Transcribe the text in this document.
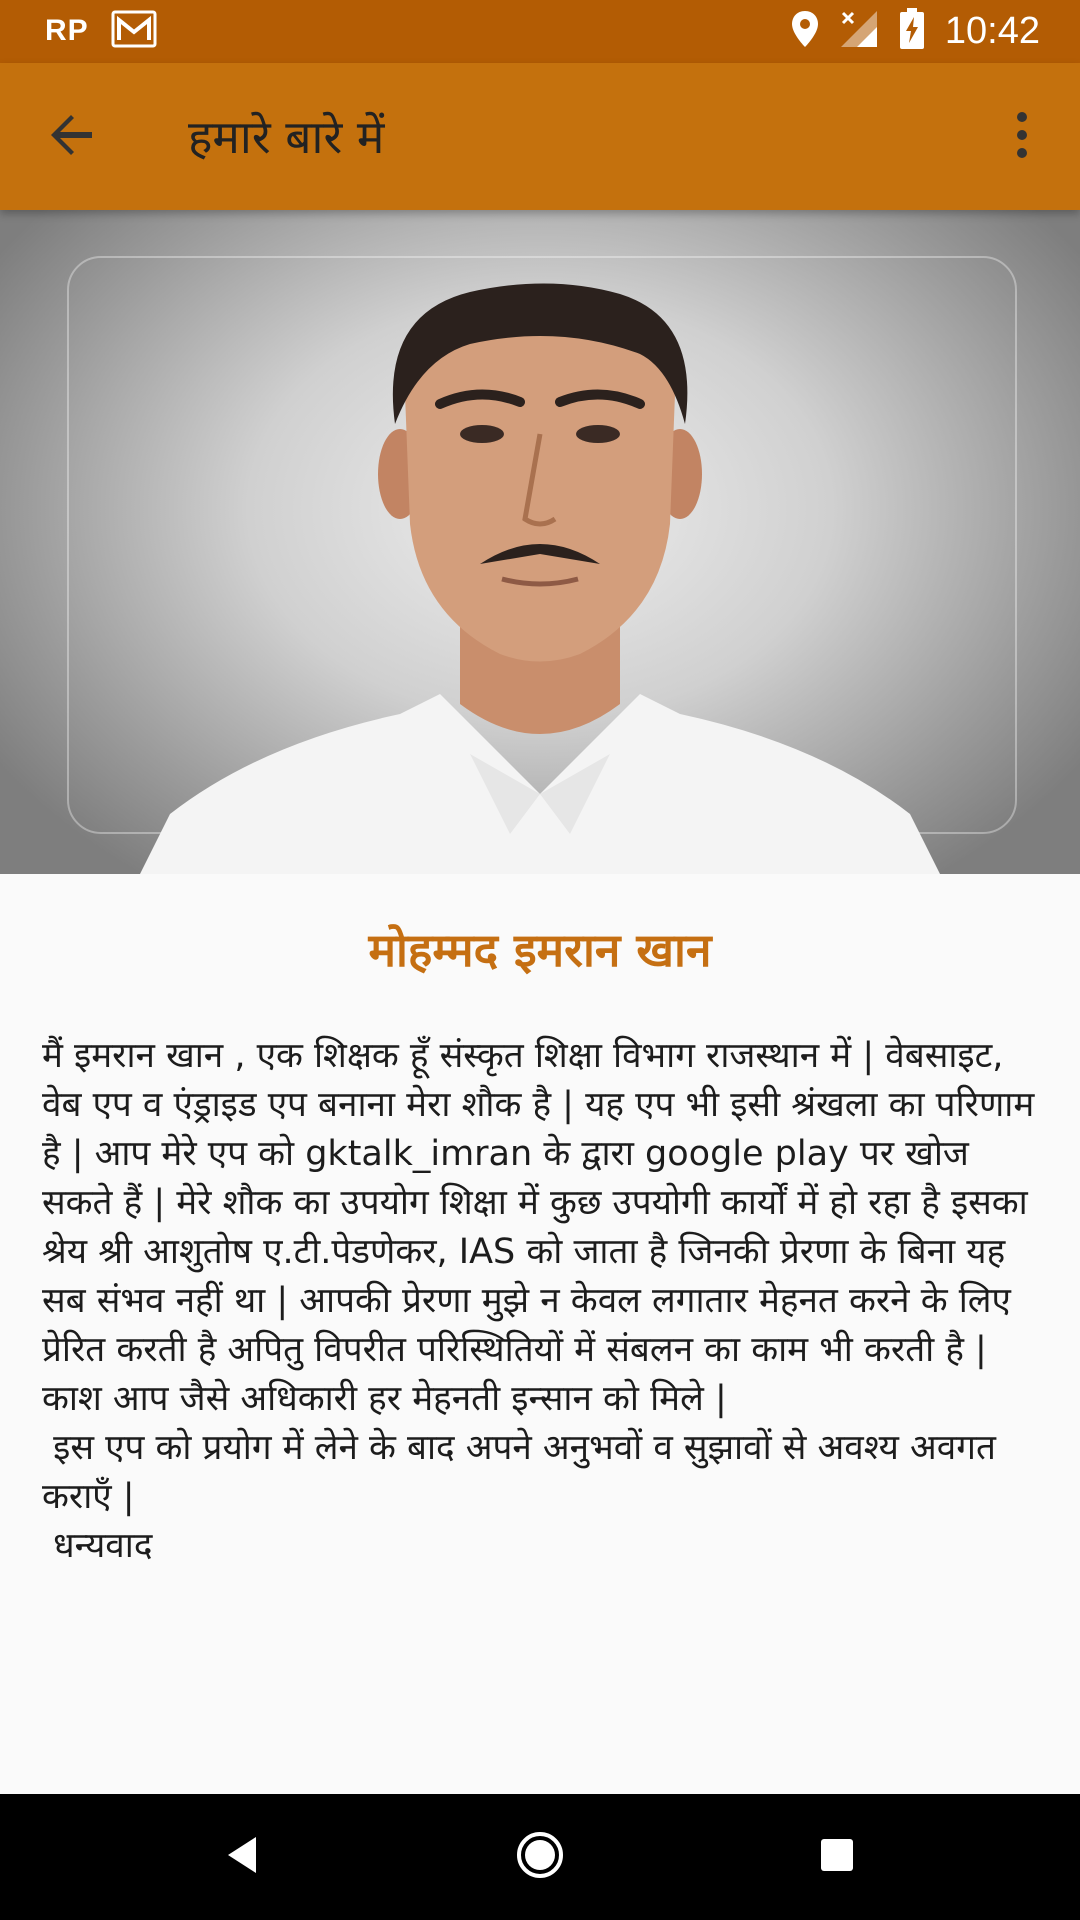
RP	10:42
हमारे बारे में
मोहम्मद इमरान खान

मैं इमरान खान , एक शिक्षक हूँ संस्कृत शिक्षा विभाग राजस्थान में | वेबसाइट, वेब एप व एंड्राइड एप बनाना मेरा शौक है | यह एप भी इसी श्रंखला का परिणाम है | आप मेरे एप को gktalk_imran के द्वारा google play पर खोज सकते हैं | मेरे शौक का उपयोग शिक्षा में कुछ उपयोगी कार्यों में हो रहा है इसका श्रेय श्री आशुतोष ए.टी.पेडणेकर, IAS को जाता है जिनकी प्रेरणा के बिना यह सब संभव नहीं था | आपकी प्रेरणा मुझे न केवल लगातार मेहनत करने के लिए प्रेरित करती है अपितु विपरीत परिस्थितियों में संबलन का काम भी करती है | काश आप जैसे अधिकारी हर मेहनती इन्सान को मिले |

इस एप को प्रयोग में लेने के बाद अपने अनुभवों व सुझावों से अवश्य अवगत कराएँ |

धन्यवाद
